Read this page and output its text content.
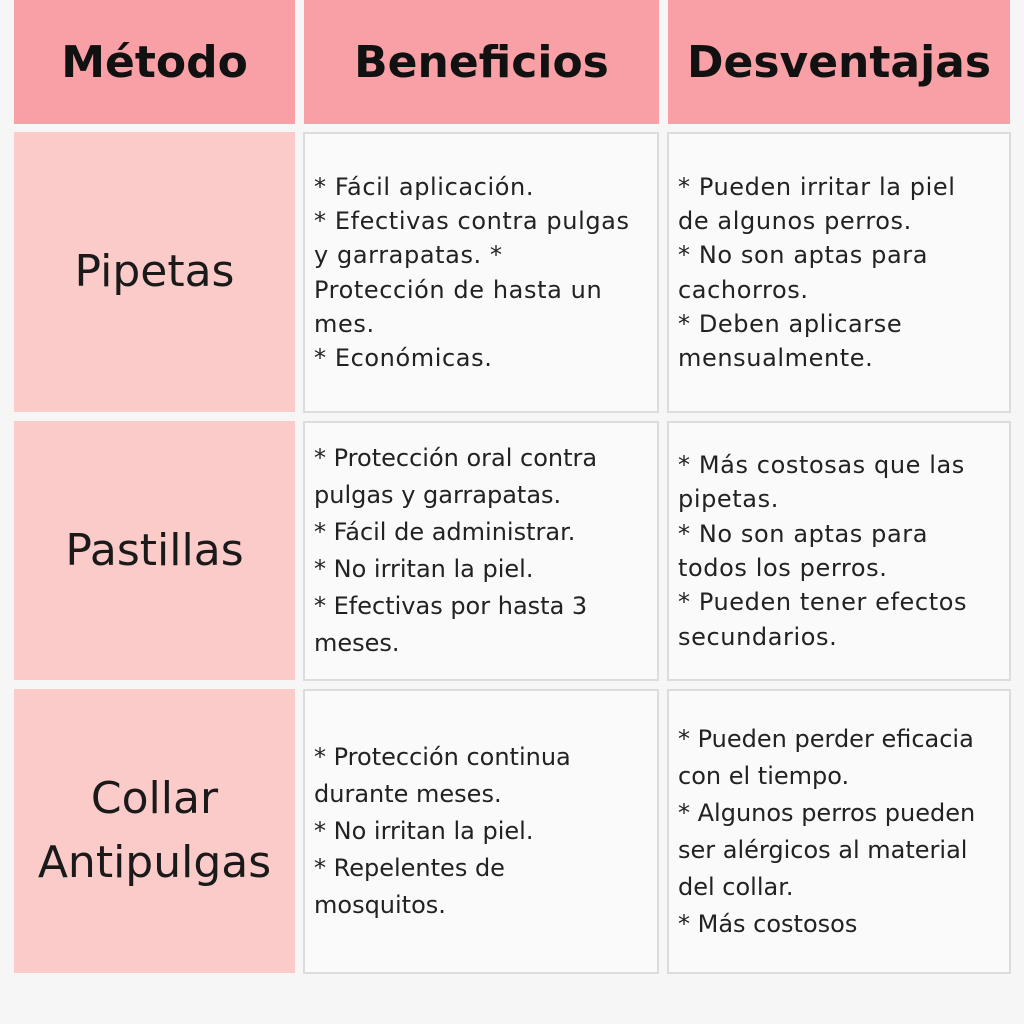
Método Beneficios Desventajas
Pipetas
* Fácil aplicación.
* Efectivas contra pulgas
y garrapatas. *
Protección de hasta un
mes.
* Económicas.
* Pueden irritar la piel
de algunos perros.
* No son aptas para
cachorros.
* Deben aplicarse
mensualmente.
Pastillas
* Protección oral contra
pulgas y garrapatas.
* Fácil de administrar.
* No irritan la piel.
* Efectivas por hasta 3
meses.
* Más costosas que las
pipetas.
* No son aptas para
todos los perros.
* Pueden tener efectos
secundarios.
Collar
Antipulgas
* Protección continua
durante meses.
* No irritan la piel.
* Repelentes de
mosquitos.
* Pueden perder eficacia
con el tiempo.
* Algunos perros pueden
ser alérgicos al material
del collar.
* Más costosos
